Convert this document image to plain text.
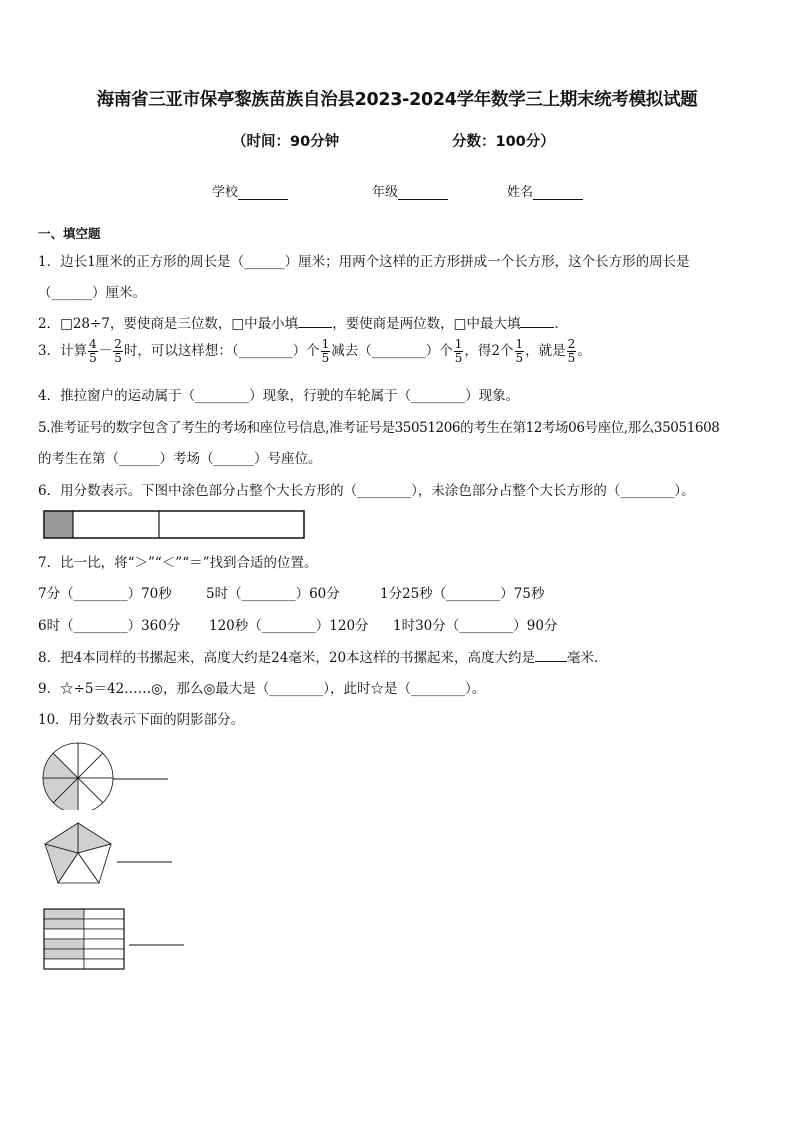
海南省三亚市保亭黎族苗族自治县2023-2024学年数学三上期末统考模拟试题
（时间：90分钟	分数：100分）
学校	年级	姓名
一、填空题
1．边长1厘米的正方形的周长是（______）厘米；用两个这样的正方形拼成一个长方形，这个长方形的周长是
（______）厘米。
2．□28÷7，要使商是三位数，□中最小填	，要使商是两位数，□中最大填	．
3．计算 $\frac{4}{5} - \frac{2}{5}$ 时，可以这样想：（________）个 $\frac{1}{5}$ 减去（________）个 $\frac{1}{5}$ ，得2个 $\frac{1}{5}$ ，就是 $\frac{2}{5}$ 。
4．推拉窗户的运动属于（________）现象，行驶的车轮属于（________）现象。
5.准考证号的数字包含了考生的考场和座位号信息,准考证号是35051206的考生在第12考场06号座位,那么35051608
的考生在第（______）考场（______）号座位。
6．用分数表示。下图中涂色部分占整个大长方形的（________），未涂色部分占整个大长方形的（________）。
7．比一比，将“＞”“＜”“＝”找到合适的位置。
7分（________）70秒	5时（________）60分	1分25秒（________）75秒
6时（________）360分 120秒（________）120分 1时30分（________）90分
8．把4本同样的书摞起来，高度大约是24毫米，20本这样的书摞起来，高度大约是 毫米．
9．☆÷5＝42……◎，那么◎最大是（________），此时☆是（________）。
10．用分数表示下面的阴影部分。
